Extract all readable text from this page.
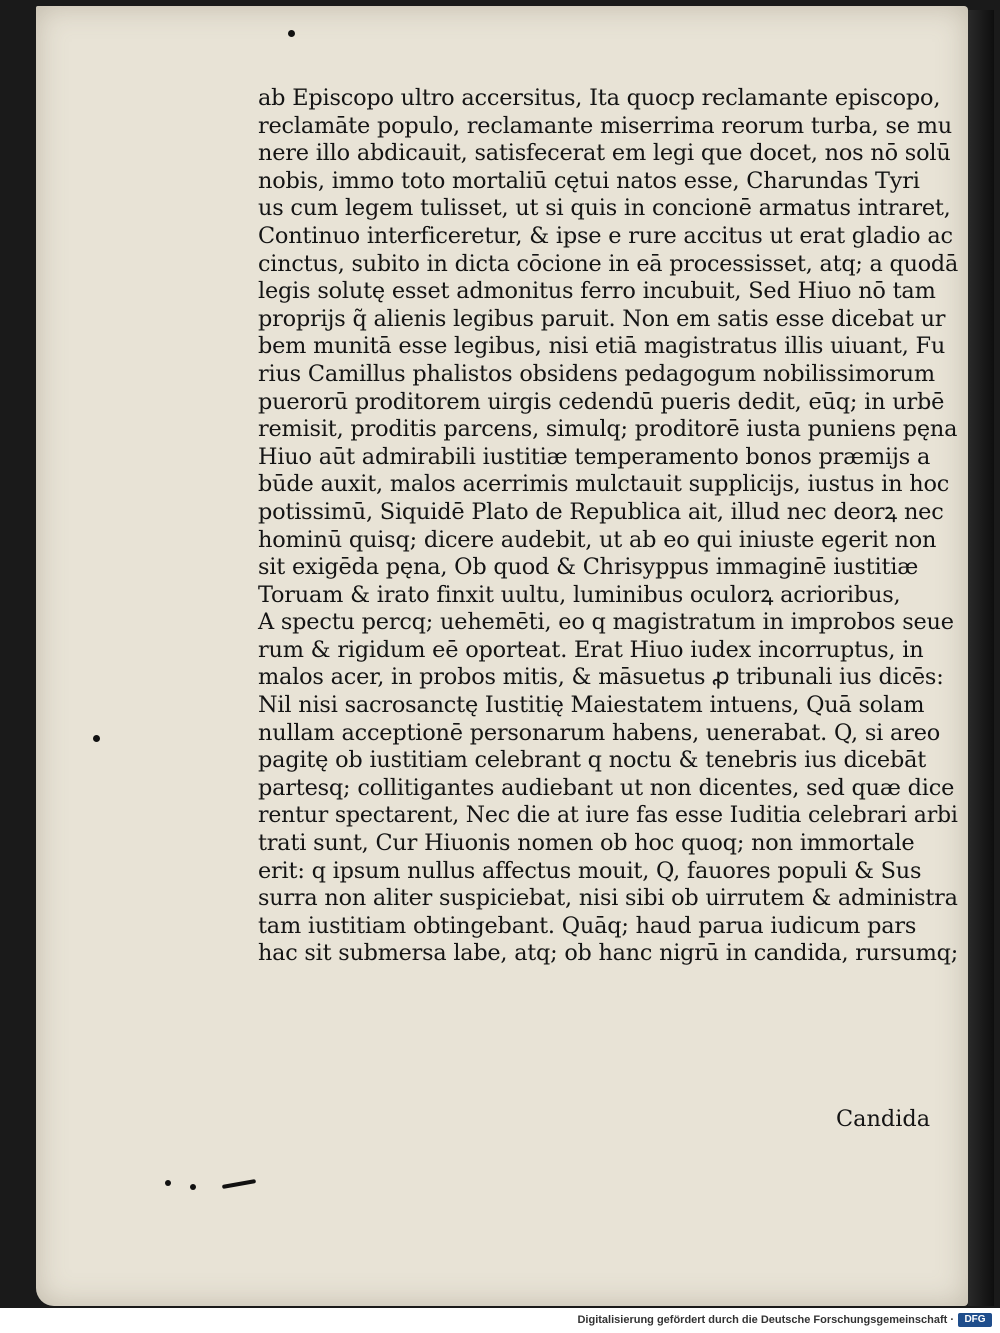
ab Episcopo ultro accersitus, Ita quocp reclamante episcopo,
reclamāte populo, reclamante miserrima reorum turba, se mu
nere illo abdicauit, satisfecerat em legi que docet, nos nō solū
nobis, immo toto mortaliū cętui natos esse, Charundas Tyri
us cum legem tulisset, ut si quis in concionē armatus intraret,
Continuo interficeretur, & ipse e rure accitus ut erat gladio ac
cinctus, subito in dicta cōcione in eā processisset, atq; a quodā
legis solutę esset admonitus ferro incubuit, Sed Hiuo nō tam
proprijs q̃ alienis legibus paruit. Non em satis esse dicebat ur
bem munitā esse legibus, nisi etiā magistratus illis uiuant, Fu
rius Camillus phalistos obsidens pedagogum nobilissimorum
puerorū proditorem uirgis cedendū pueris dedit, eūq; in urbē
remisit, proditis parcens, simulq; proditorē iusta puniens pęna
Hiuo aūt admirabili iustitiæ temperamento bonos præmijs a
būde auxit, malos acerrimis mulctauit supplicijs, iustus in hoc
potissimū, Siquidē Plato de Republica ait, illud nec deorꝝ nec
hominū quisq; dicere audebit, ut ab eo qui iniuste egerit non
sit exigēda pęna, Ob quod & Chrisyppus immaginē iustitiæ
Toruam & irato finxit uultu, luminibus oculorꝝ acrioribus,
A spectu percq; uehemēti, eo q magistratum in improbos seue
rum & rigidum eē oporteat. Erat Hiuo iudex incorruptus, in
malos acer, in probos mitis, & māsuetus ꝓ tribunali ius dicēs:
Nil nisi sacrosanctę Iustitię Maiestatem intuens, Quā solam
nullam acceptionē personarum habens, uenerabat. Q, si areo
pagitę ob iustitiam celebrant q noctu & tenebris ius dicebāt
partesq; collitigantes audiebant ut non dicentes, sed quæ dice
rentur spectarent, Nec die at iure fas esse Iuditia celebrari arbi
trati sunt, Cur Hiuonis nomen ob hoc quoq; non immortale
erit: q ipsum nullus affectus mouit, Q, fauores populi & Sus
surra non aliter suspiciebat, nisi sibi ob uirrutem & administra
tam iustitiam obtingebant. Quāq; haud parua iudicum pars
hac sit submersa labe, atq; ob hanc nigrū in candida, rursumq;
Candida
Digitalisierung gefördert durch die Deutsche Forschungsgemeinschaft ·	DFG
